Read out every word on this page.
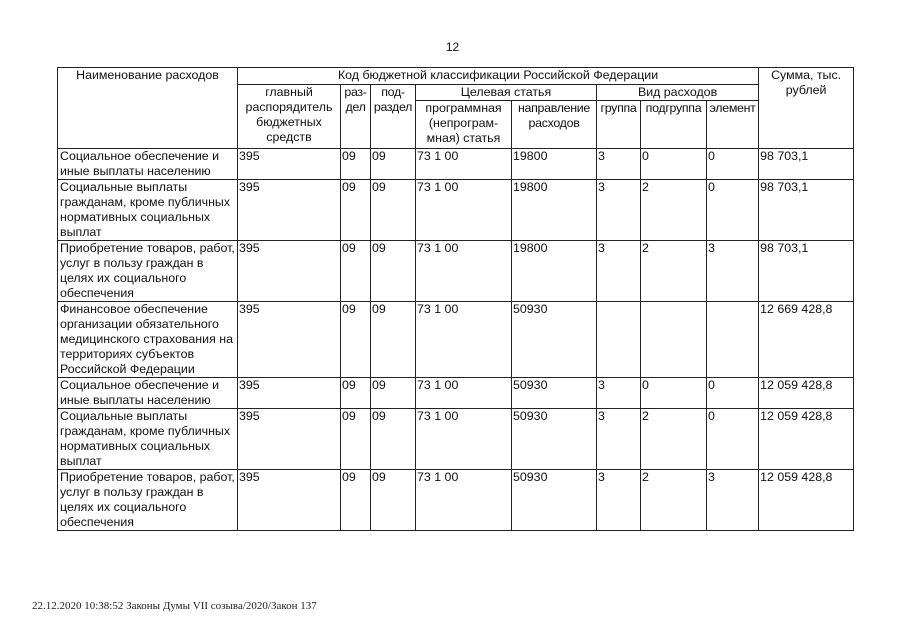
12
Наименование расходов	Код бюджетной классификации Российской Федерации								Сумма, тыс. рублей
	главный распорядитель бюджетных средств	раз- дел	под- раздел	Целевая статья		Вид расходов			
				программная (непрограм- мная) статья	направление расходов	группа	подгруппа	элемент	
Социальное обеспечение и иные выплаты населению	395	09	09	73 1 00	19800	3	0	0	98 703,1
Социальные выплаты гражданам, кроме публичных нормативных социальных выплат	395	09	09	73 1 00	19800	3	2	0	98 703,1
Приобретение товаров, работ, услуг в пользу граждан в целях их социального обеспечения	395	09	09	73 1 00	19800	3	2	3	98 703,1
Финансовое обеспечение организации обязательного медицинского страхования на территориях субъектов Российской Федерации	395	09	09	73 1 00	50930				12 669 428,8
Социальное обеспечение и иные выплаты населению	395	09	09	73 1 00	50930	3	0	0	12 059 428,8
Социальные выплаты гражданам, кроме публичных нормативных социальных выплат	395	09	09	73 1 00	50930	3	2	0	12 059 428,8
Приобретение товаров, работ, услуг в пользу граждан в целях их социального обеспечения	395	09	09	73 1 00	50930	3	2	3	12 059 428,8
22.12.2020 10:38:52 Законы Думы VII созыва/2020/Закон 137
